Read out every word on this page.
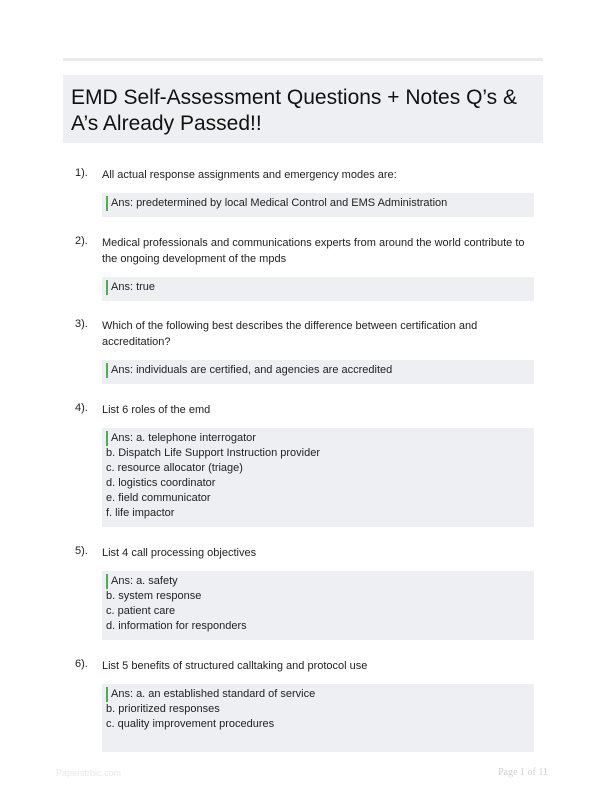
EMD Self-Assessment Questions + Notes Q’s & A’s Already Passed!!
1). All actual response assignments and emergency modes are:
Ans: predetermined by local Medical Control and EMS Administration
2). Medical professionals and communications experts from around the world contribute to the ongoing development of the mpds
Ans: true
3). Which of the following best describes the difference between certification and accreditation?
Ans: individuals are certified, and agencies are accredited
4). List 6 roles of the emd
Ans: a. telephone interrogator
b. Dispatch Life Support Instruction provider
c. resource allocator (triage)
d. logistics coordinator
e. field communicator
f. life impactor
5). List 4 call processing objectives
Ans: a. safety
b. system response
c. patient care
d. information for responders
6). List 5 benefits of structured calltaking and protocol use
Ans: a. an established standard of service
b. prioritized responses
c. quality improvement procedures
Paperstrbic.com	Page 1 of 11
